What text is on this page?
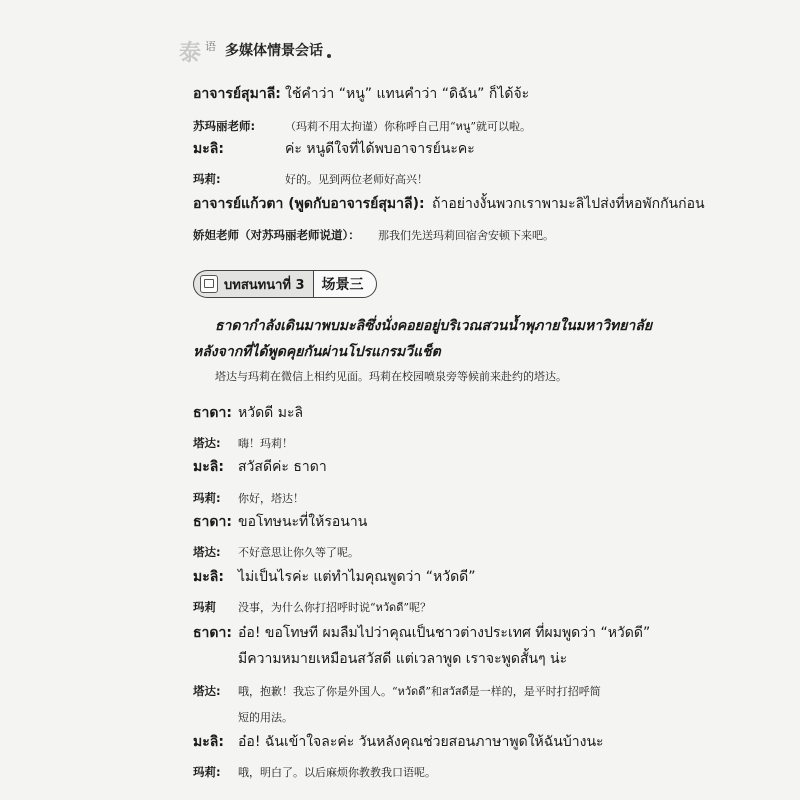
泰 语 多媒体情景会话
อาจารย์สุมาลี: ใช้คำว่า “หนู” แทนคำว่า “ดิฉัน” ก็ได้จ้ะ
苏玛丽老师:	（玛莉不用太拘谨）你称呼自己用“หนู”就可以啦。
มะลิ:	ค่ะ หนูดีใจที่ได้พบอาจารย์นะคะ
玛莉:	好的。见到两位老师好高兴！
อาจารย์แก้วตา (พูดกับอาจารย์สุมาลี): ถ้าอย่างงั้นพวกเราพามะลิไปส่งที่หอพักกันก่อน
娇妲老师（对苏玛丽老师说道）： 那我们先送玛莉回宿舍安顿下来吧。
บทสนทนาที่ 3 场景三
ธาดากำลังเดินมาพบมะลิซึ่งนั่งคอยอยู่บริเวณสวนน้ำพุภายในมหาวิทยาลัย
หลังจากที่ได้พูดคุยกันผ่านโปรแกรมวีแช็ต
塔达与玛莉在微信上相约见面。玛莉在校园喷泉旁等候前来赴约的塔达。
ธาดา: หวัดดี มะลิ
塔达: 嗨！玛莉！
มะลิ: สวัสดีค่ะ ธาดา
玛莉: 你好，塔达！
ธาดา: ขอโทษนะที่ให้รอนาน
塔达: 不好意思让你久等了呢。
มะลิ: ไม่เป็นไรค่ะ แต่ทำไมคุณพูดว่า “หวัดดี”
玛莉 没事，为什么你打招呼时说“หวัดดี”呢？
ธาดา: อ๋อ! ขอโทษที ผมลืมไปว่าคุณเป็นชาวต่างประเทศ ที่ผมพูดว่า “หวัดดี”
มีความหมายเหมือนสวัสดี แต่เวลาพูด เราจะพูดสั้นๆ น่ะ
塔达: 哦，抱歉！我忘了你是外国人。“หวัดดี”和สวัสดี是一样的，是平时打招呼简
短的用法。
มะลิ: อ๋อ! ฉันเข้าใจละค่ะ วันหลังคุณช่วยสอนภาษาพูดให้ฉันบ้างนะ
玛莉: 哦，明白了。以后麻烦你教教我口语呢。
